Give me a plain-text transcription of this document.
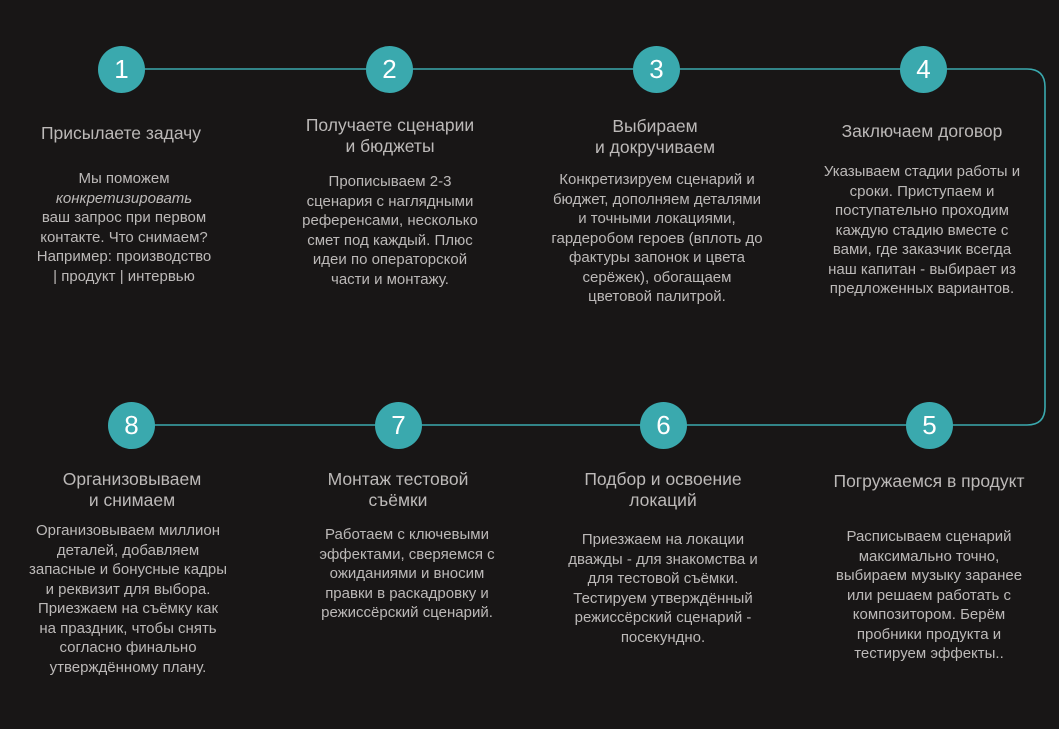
1
Присылаете задачу
Мы поможем
конкретизировать
ваш запрос при первом
контакте. Что снимаем?
Например: производство
| продукт | интервью
2
Получаете сценарии
и бюджеты
Прописываем 2-3
сценария с наглядными
референсами, несколько
смет под каждый. Плюс
идеи по операторской
части и монтажу.
3
Выбираем
и докручиваем
Конкретизируем сценарий и
бюджет, дополняем деталями
и точными локациями,
гардеробом героев (вплоть до
фактуры запонок и цвета
серёжек), обогащаем
цветовой палитрой.
4
Заключаем договор
Указываем стадии работы и
сроки. Приступаем и
поступательно проходим
каждую стадию вместе с
вами, где заказчик всегда
наш капитан - выбирает из
предложенных вариантов.
5
Погружаемся в продукт
Расписываем сценарий
максимально точно,
выбираем музыку заранее
или решаем работать с
композитором. Берём
пробники продукта и
тестируем эффекты..
6
Подбор и освоение
локаций
Приезжаем на локации
дважды - для знакомства и
для тестовой съёмки.
Тестируем утверждённый
режиссёрский сценарий -
посекундно.
7
Монтаж тестовой
съёмки
Работаем с ключевыми
эффектами, сверяемся с
ожиданиями и вносим
правки в раскадровку и
режиссёрский сценарий.
8
Организовываем
и снимаем
Организовываем миллион
деталей, добавляем
запасные и бонусные кадры
и реквизит для выбора.
Приезжаем на съёмку как
на праздник, чтобы снять
согласно финально
утверждённому плану.
